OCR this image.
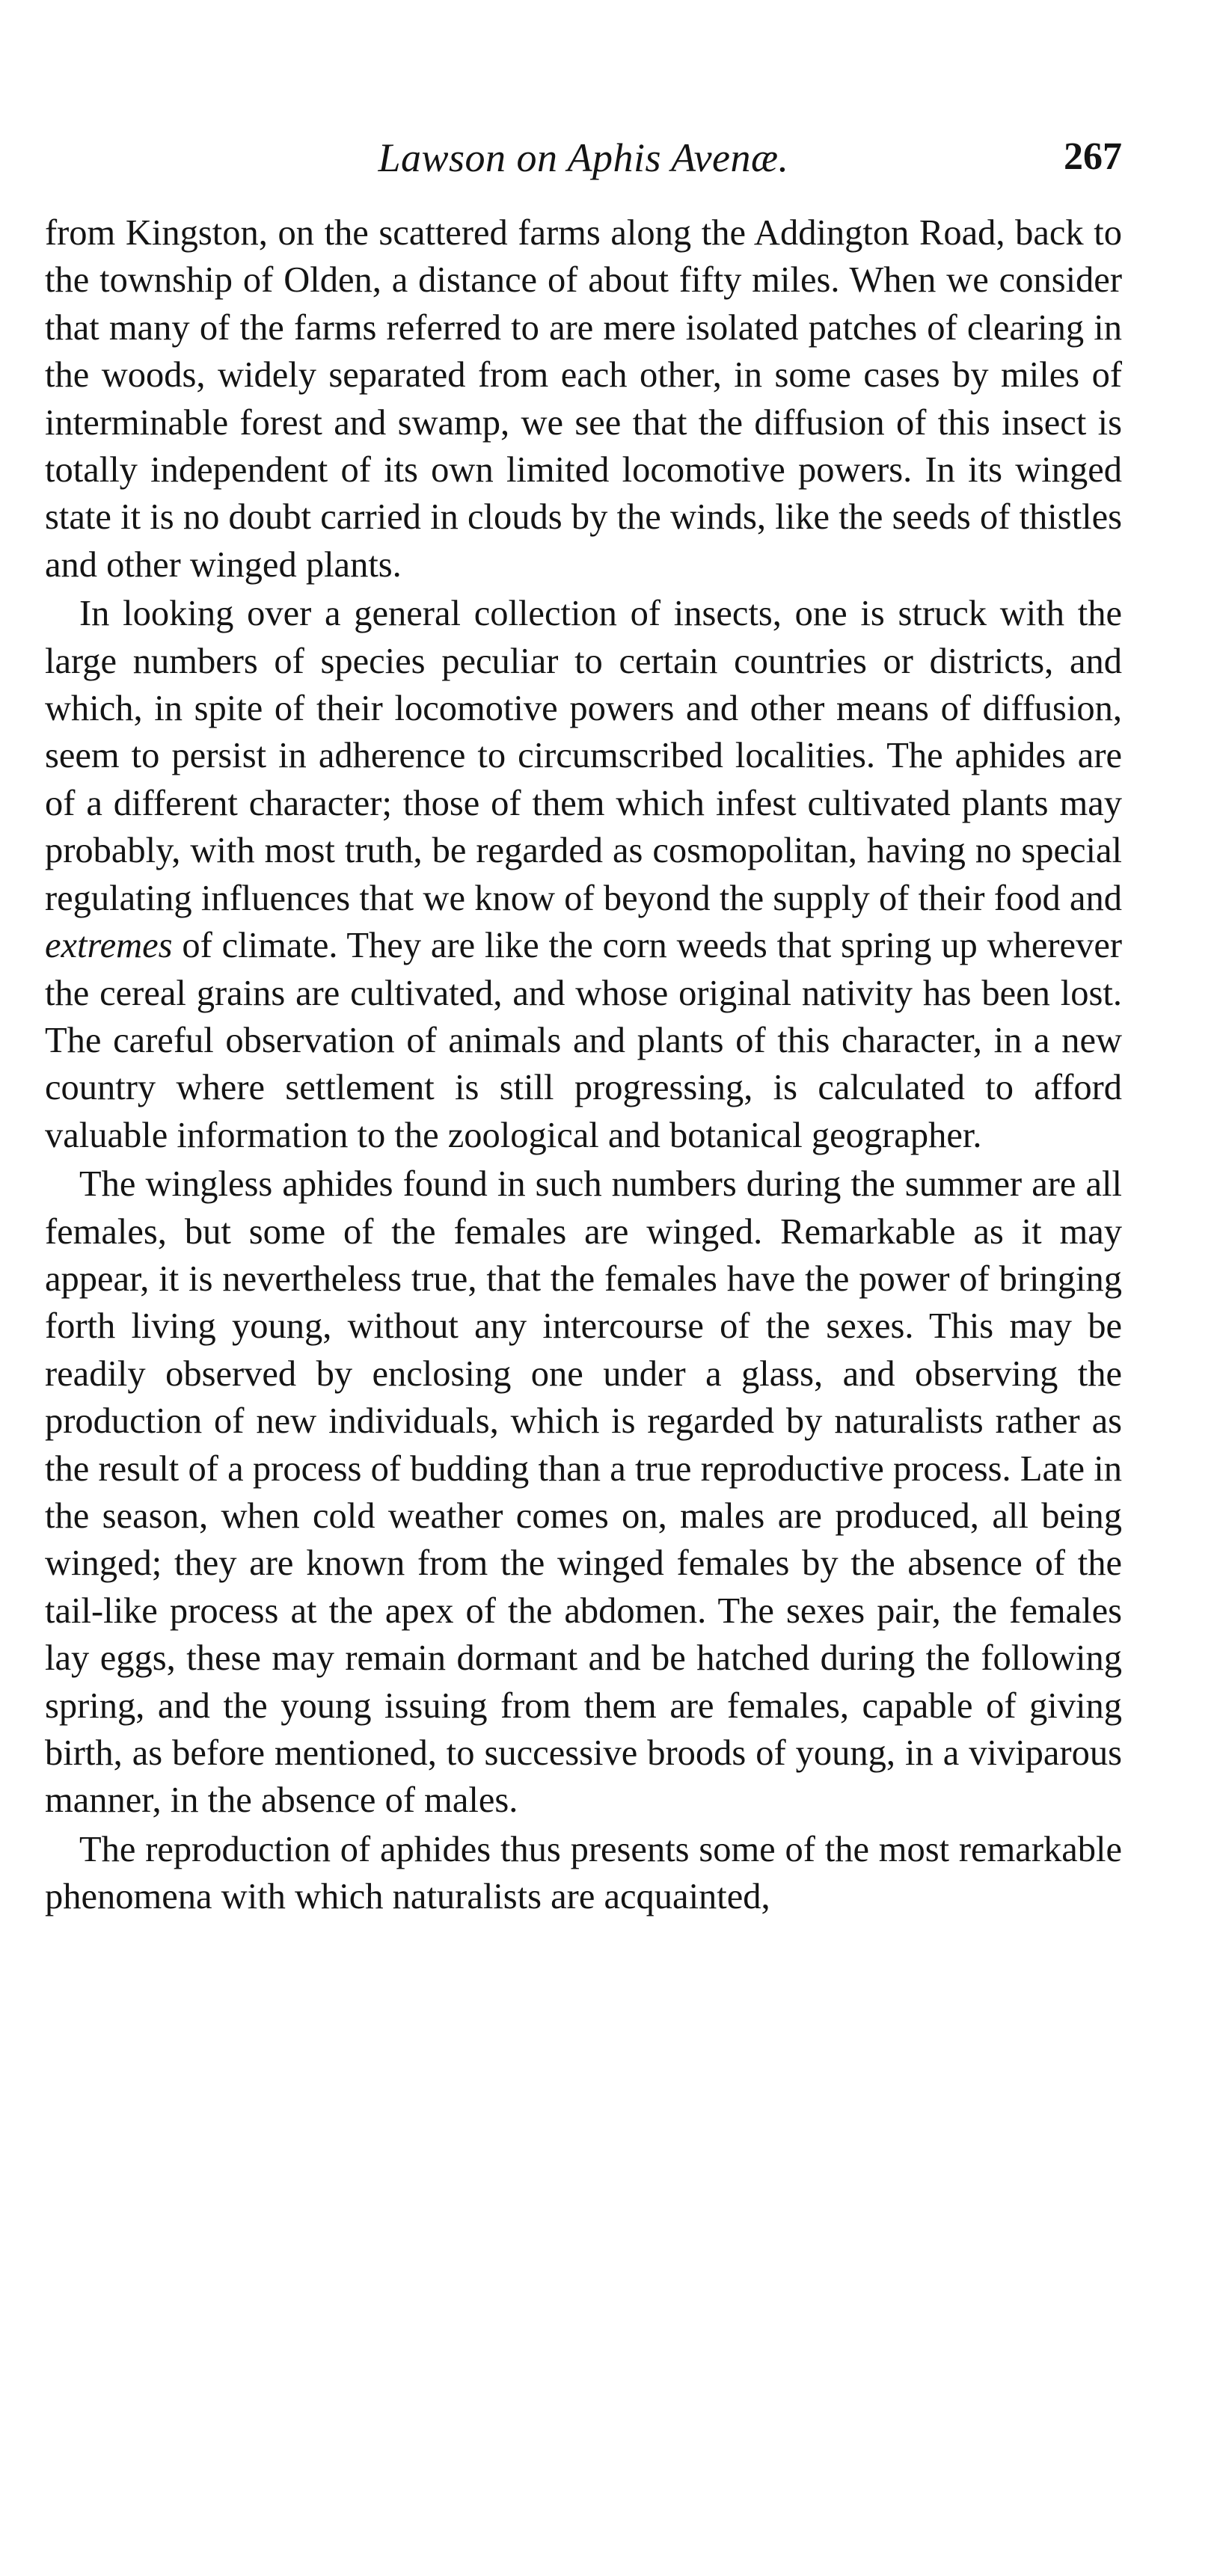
Lawson on Aphis Avenæ.	267

from Kingston, on the scattered farms along the Addington Road, back to the township of Olden, a distance of about fifty miles. When we consider that many of the farms referred to are mere isolated patches of clearing in the woods, widely separated from each other, in some cases by miles of interminable forest and swamp, we see that the diffusion of this insect is totally independent of its own limited locomotive powers. In its winged state it is no doubt carried in clouds by the winds, like the seeds of thistles and other winged plants.

In looking over a general collection of insects, one is struck with the large numbers of species peculiar to certain countries or districts, and which, in spite of their locomotive powers and other means of diffusion, seem to persist in adherence to circumscribed localities. The aphides are of a different character; those of them which infest cultivated plants may probably, with most truth, be regarded as cosmopolitan, having no special regulating influences that we know of beyond the supply of their food and extremes of climate. They are like the corn weeds that spring up wherever the cereal grains are cultivated, and whose original nativity has been lost. The careful observation of animals and plants of this character, in a new country where settlement is still progressing, is calculated to afford valuable information to the zoological and botanical geographer.

The wingless aphides found in such numbers during the summer are all females, but some of the females are winged. Remarkable as it may appear, it is nevertheless true, that the females have the power of bringing forth living young, without any intercourse of the sexes. This may be readily observed by enclosing one under a glass, and observing the production of new individuals, which is regarded by naturalists rather as the result of a process of budding than a true reproductive process. Late in the season, when cold weather comes on, males are produced, all being winged; they are known from the winged females by the absence of the tail-like process at the apex of the abdomen. The sexes pair, the females lay eggs, these may remain dormant and be hatched during the following spring, and the young issuing from them are females, capable of giving birth, as before mentioned, to successive broods of young, in a viviparous manner, in the absence of males.

The reproduction of aphides thus presents some of the most remarkable phenomena with which naturalists are acquainted,
